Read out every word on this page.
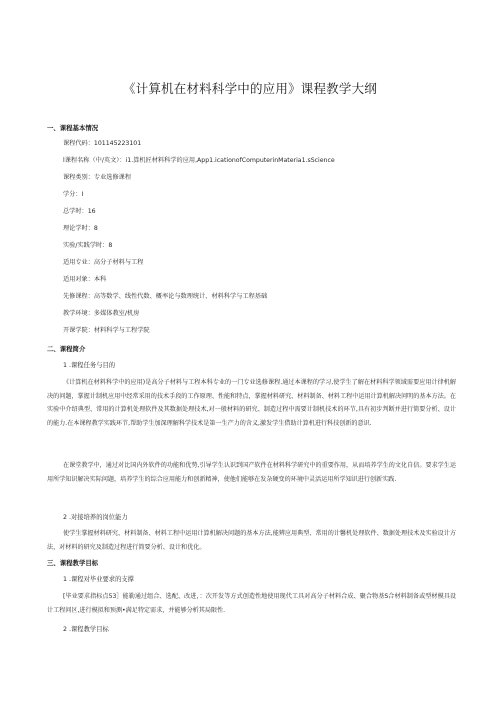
《计算机在材料科学中的应用》课程教学大纲
一、课程基本情况
课程代码：101145223101
l课程名称（中/英文）：i1.算机匠材料科学的应用,App1.icationofComputerinMateria1.sScience
课程类别：专业选修课程
学分：I
总学时：16
理论学时：8
实验/实践学时：8
适用专业：高分子材料与工程
适用对象：本科
先修课程：高等数学、线性代数、概率论与数理统计、材料科学与工程基础
教学环境：多媒体教室/机房
开课学院：材料科学与工程学院
二、课程简介
1 .课程任务与目的
《计算机在材料科学中的应用)是高分子材料与工程本科专业的一门专业选修课程.通过本课程的学习,使学生了解在材料科学领域需要应用计律机解决的问题，掌握计制机应用中经常采用的技术手段的工作原理、性能和特点，掌握材料研究、材料制备、材料工程中运用计算机解决问明的基本方法。在实验中介绍典型、常用的计算机处理软件及其数据处理技术,对一般材料的研究、制造过程中需要计制机技术的环节,具有初步判断并进行简要分析、设计的能力.在本课程教学实践环节,帮助学生加深理解科学技术是第一生产力的含义,激发学生借助计算机进行科技创新的意识.
在课堂教学中，通过对比国内外软件的功能和优势,引导学生认识到国产软件在材料科学研究中的重要作用，从而培养学生的文化自信。要求学生运用所学知识解决实际问题，培养学生的综合应用能力和创新精神，使他们能够在发杂硬变的环境中灵活运用所学知识进行创新实践.
2 .对接培养的岗位能力
使学生掌握材料研究、材料制备、材料工程中运用计算机解决问题的基本方法,能辨应用典型、常用的计馨机处理软件、数据处理技术及实验设计方法，对材料的研究及制造过程进行简要分析、设计和优化。
三、课程教学目标
1 .课程对毕业要求的支撑
[毕业要求指标点53］能勒通过组合、选配、改进，：次开发等方式创造性地使用现代工具对高分子材料合成、聚合物基S合材料制备或型材模具设计工程问区,进行模拟和预测•满足特定需求，并能够分析其局限性.
2 .课程教学目标
